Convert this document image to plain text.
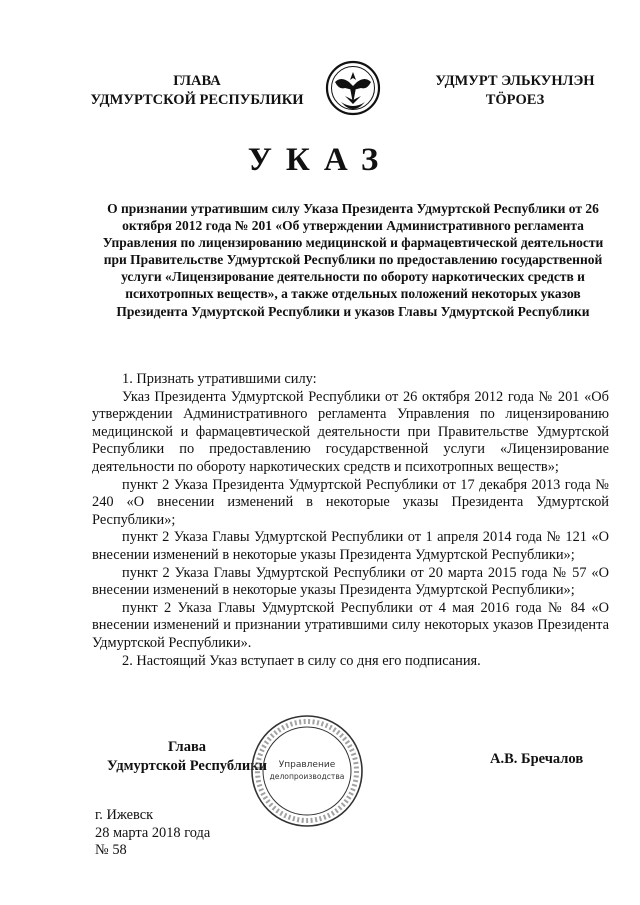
ГЛАВА
УДМУРТСКОЙ РЕСПУБЛИКИ
УДМУРТ ЭЛЬКУНЛЭН
ТӦРОЕЗ
УКАЗ
О признании утратившим силу Указа Президента Удмуртской Республики от 26 октября 2012 года № 201 «Об утверждении Административного регламента Управления по лицензированию медицинской и фармацевтической деятельности при Правительстве Удмуртской Республики по предоставлению государственной услуги «Лицензирование деятельности по обороту наркотических средств и психотропных веществ», а также отдельных положений некоторых указов Президента Удмуртской Республики и указов Главы Удмуртской Республики

1. Признать утратившими силу:

Указ Президента Удмуртской Республики от 26 октября 2012 года № 201 «Об утверждении Административного регламента Управления по лицензированию медицинской и фармацевтической деятельности при Правительстве Удмуртской Республики по предоставлению государственной услуги «Лицензирование деятельности по обороту наркотических средств и психотропных веществ»;

пункт 2 Указа Президента Удмуртской Республики от 17 декабря 2013 года № 240 «О внесении изменений в некоторые указы Президента Удмуртской Республики»;

пункт 2 Указа Главы Удмуртской Республики от 1 апреля 2014 года № 121 «О внесении изменений в некоторые указы Президента Удмуртской Республики»;

пункт 2 Указа Главы Удмуртской Республики от 20 марта 2015 года № 57 «О внесении изменений в некоторые указы Президента Удмуртской Республики»;

пункт 2 Указа Главы Удмуртской Республики от 4 мая 2016 года № 84 «О внесении изменений и признании утратившими силу некоторых указов Президента Удмуртской Республики».

2. Настоящий Указ вступает в силу со дня его подписания.

Глава
Удмуртской Республики	Управление
делопроизводства
А.В. Бречалов
г. Ижевск
28 марта 2018 года
№ 58
